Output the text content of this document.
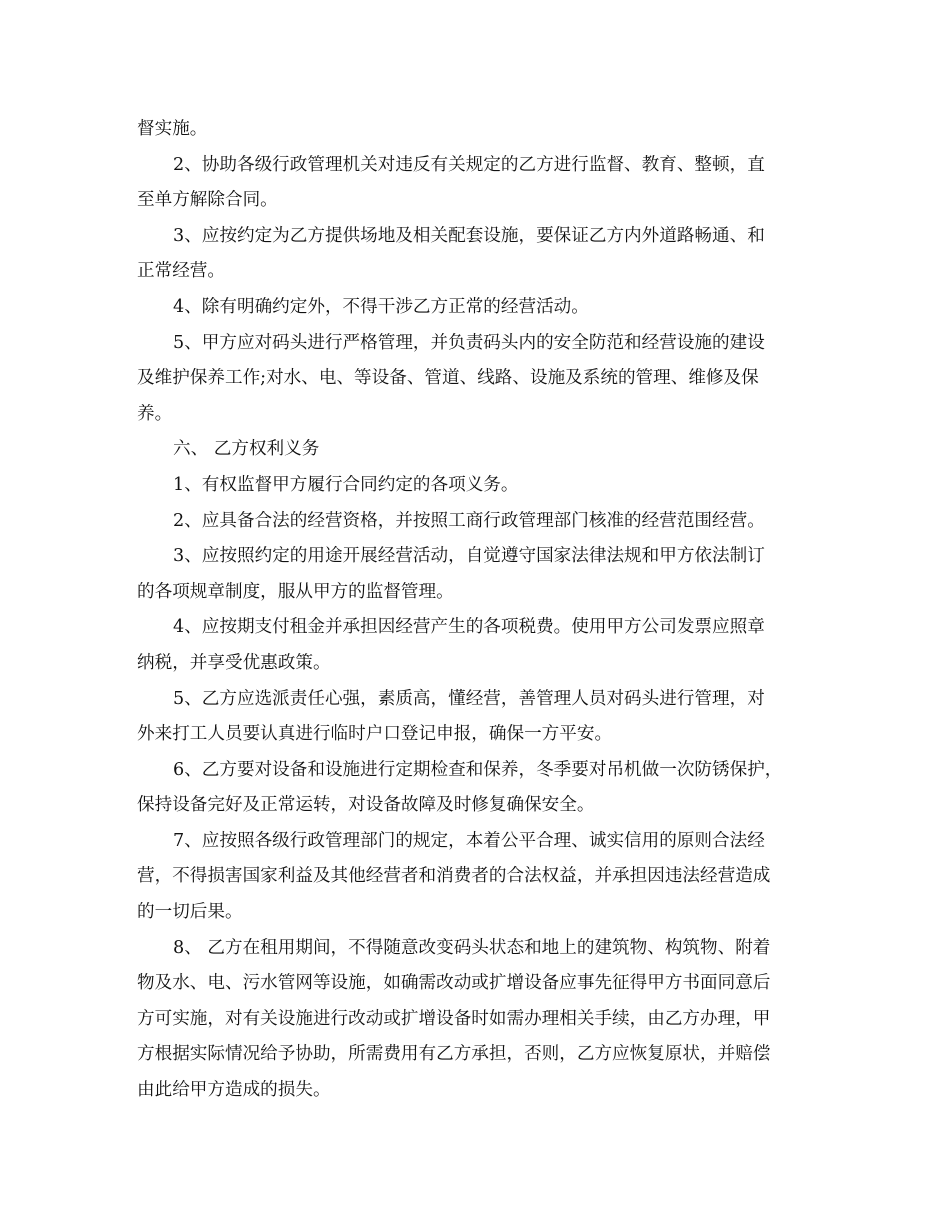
督实施。
2、协助各级行政管理机关对违反有关规定的乙方进行监督、教育、整顿，直
至单方解除合同。
3、应按约定为乙方提供场地及相关配套设施，要保证乙方内外道路畅通、和
正常经营。
4、除有明确约定外，不得干涉乙方正常的经营活动。
5、甲方应对码头进行严格管理，并负责码头内的安全防范和经营设施的建设
及维护保养工作;对水、电、等设备、管道、线路、设施及系统的管理、维修及保
养。
六、 乙方权利义务
1、有权监督甲方履行合同约定的各项义务。
2、应具备合法的经营资格，并按照工商行政管理部门核准的经营范围经营。
3、应按照约定的用途开展经营活动，自觉遵守国家法律法规和甲方依法制订
的各项规章制度，服从甲方的监督管理。
4、应按期支付租金并承担因经营产生的各项税费。使用甲方公司发票应照章
纳税，并享受优惠政策。
5、乙方应选派责任心强，素质高，懂经营，善管理人员对码头进行管理，对
外来打工人员要认真进行临时户口登记申报，确保一方平安。
6、乙方要对设备和设施进行定期检查和保养，冬季要对吊机做一次防锈保护，
保持设备完好及正常运转，对设备故障及时修复确保安全。
7、应按照各级行政管理部门的规定，本着公平合理、诚实信用的原则合法经
营，不得损害国家利益及其他经营者和消费者的合法权益，并承担因违法经营造成
的一切后果。
8、 乙方在租用期间，不得随意改变码头状态和地上的建筑物、构筑物、附着
物及水、电、污水管网等设施，如确需改动或扩增设备应事先征得甲方书面同意后
方可实施，对有关设施进行改动或扩增设备时如需办理相关手续，由乙方办理，甲
方根据实际情况给予协助，所需费用有乙方承担，否则，乙方应恢复原状，并赔偿
由此给甲方造成的损失。
